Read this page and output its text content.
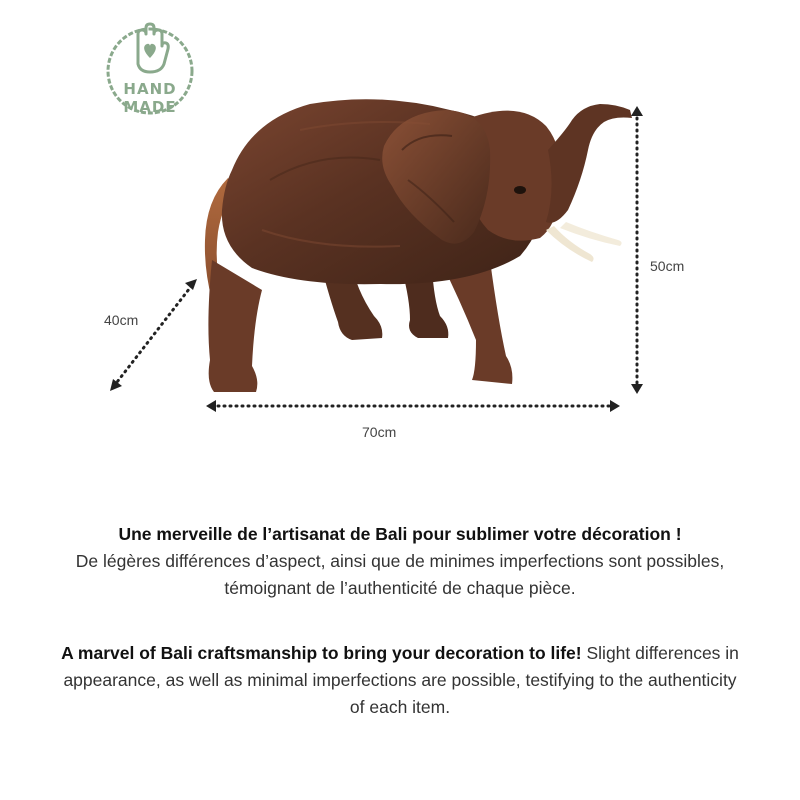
HAND
MADE
70cm
50cm
40cm
Une merveille de l’artisanat de Bali pour sublimer votre décoration !
De légères différences d’aspect, ainsi que de minimes imperfections sont possibles, témoignant de l’authenticité de chaque pièce.
A marvel of Bali craftsmanship to bring your decoration to life! Slight differences in appearance, as well as minimal imperfections are possible, testifying to the authenticity of each item.
